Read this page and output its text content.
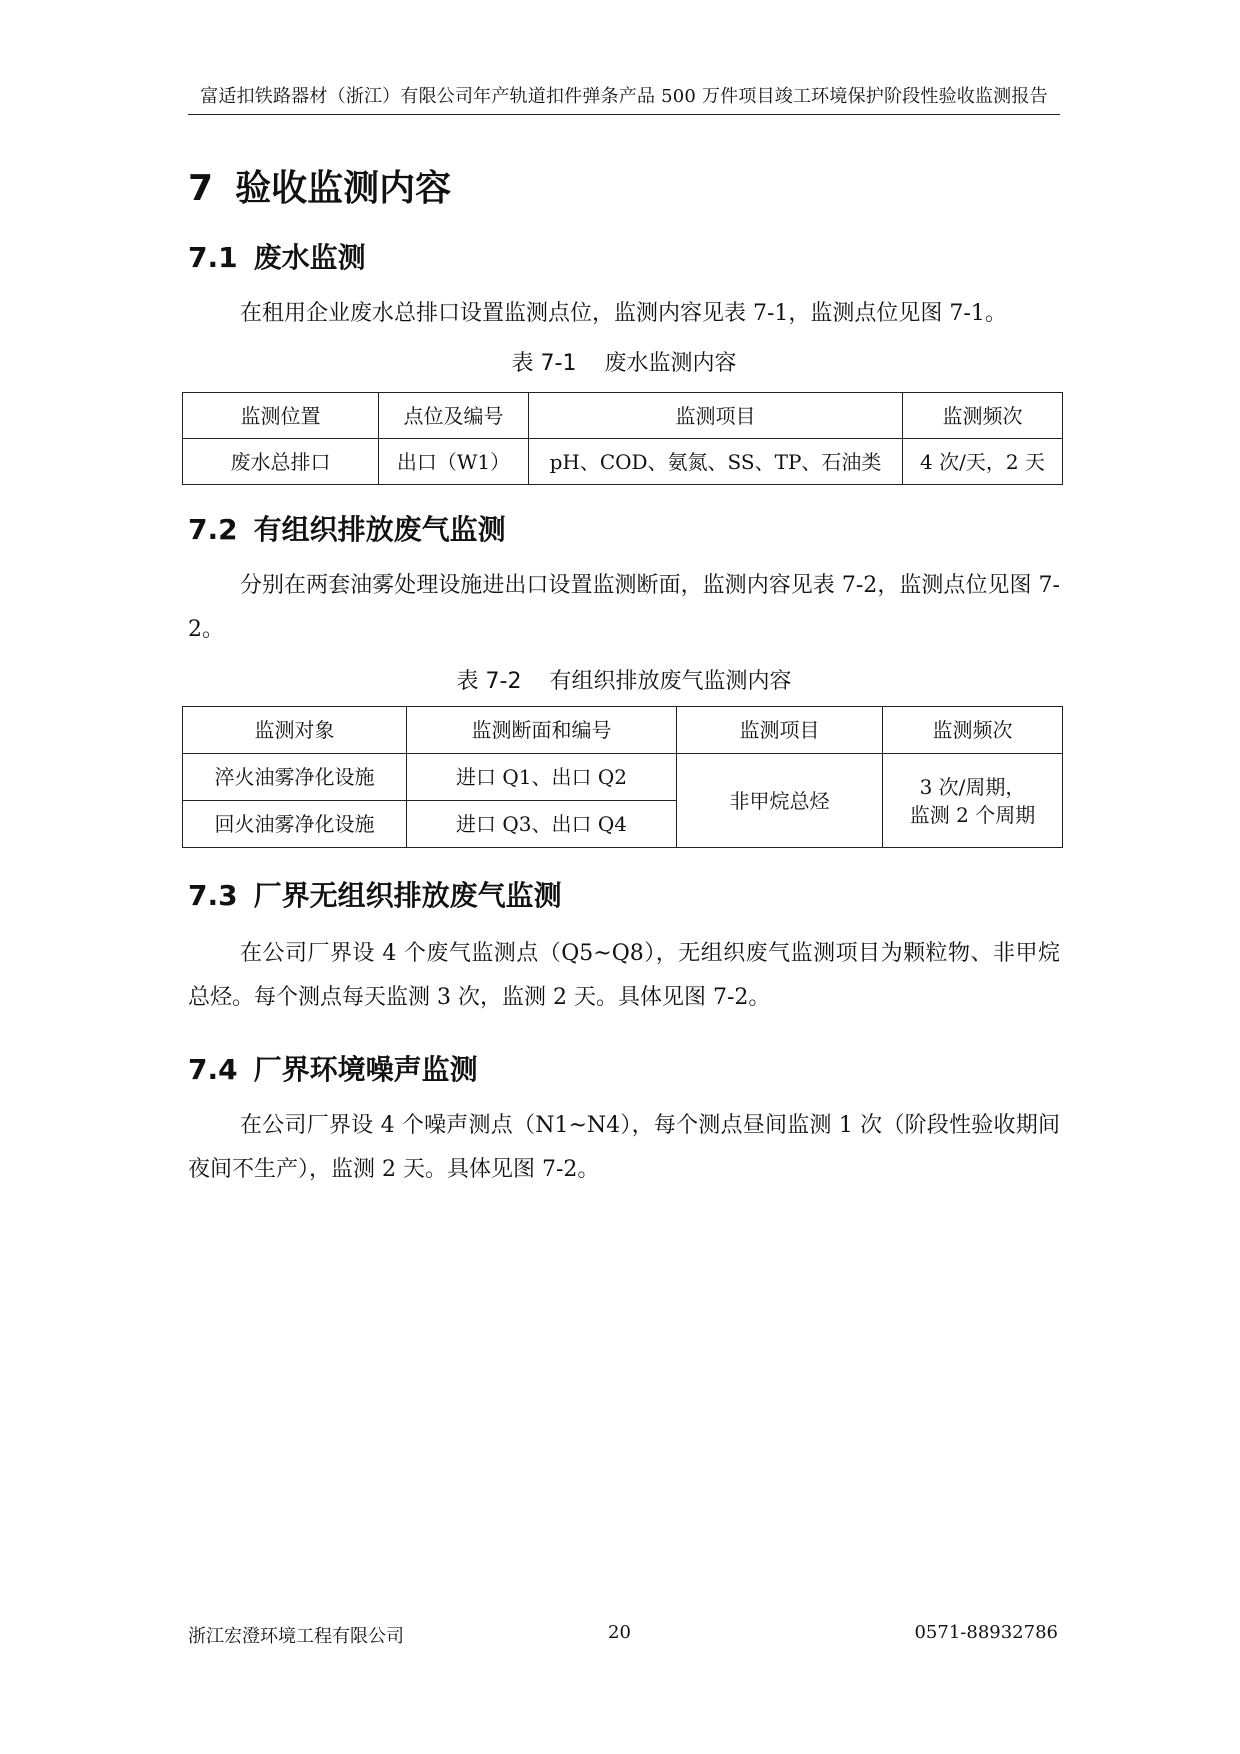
富适扣铁路器材（浙江）有限公司年产轨道扣件弹条产品 500 万件项目竣工环境保护阶段性验收监测报告
7 验收监测内容
7.1 废水监测
在租用企业废水总排口设置监测点位，监测内容见表 7-1，监测点位见图 7-1。
表 7-1 废水监测内容
监测位置	点位及编号	监测项目	监测频次
废水总排口	出口（W1）	pH、COD、氨氮、SS、TP、石油类	4 次/天，2 天
7.2 有组织排放废气监测
分别在两套油雾处理设施进出口设置监测断面，监测内容见表 7-2，监测点位见图 7-2。
表 7-2 有组织排放废气监测内容
监测对象	监测断面和编号	监测项目	监测频次
淬火油雾净化设施	进口 Q1、出口 Q2	非甲烷总烃	3 次/周期，
监测 2 个周期
回火油雾净化设施	进口 Q3、出口 Q4		
7.3 厂界无组织排放废气监测
在公司厂界设 4 个废气监测点（Q5~Q8），无组织废气监测项目为颗粒物、非甲烷总烃。每个测点每天监测 3 次，监测 2 天。具体见图 7-2。
7.4 厂界环境噪声监测
在公司厂界设 4 个噪声测点（N1~N4），每个测点昼间监测 1 次（阶段性验收期间夜间不生产），监测 2 天。具体见图 7-2。
浙江宏澄环境工程有限公司	20	0571-88932786
